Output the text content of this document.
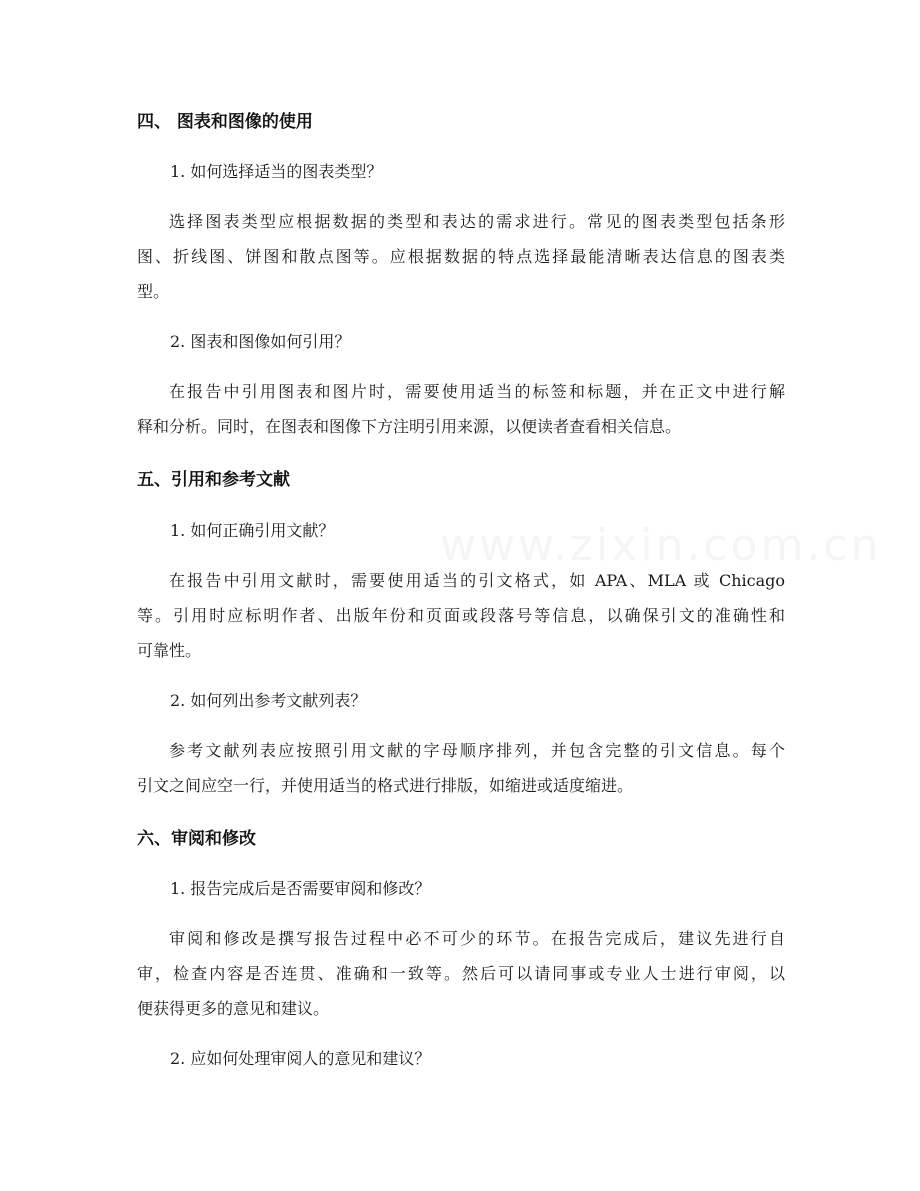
www.zixin.com.cn
四、 图表和图像的使用
1. 如何选择适当的图表类型？
选择图表类型应根据数据的类型和表达的需求进行。常见的图表类型包括条形
图、折线图、饼图和散点图等。应根据数据的特点选择最能清晰表达信息的图表类
型。
2. 图表和图像如何引用？
在报告中引用图表和图片时，需要使用适当的标签和标题，并在正文中进行解
释和分析。同时，在图表和图像下方注明引用来源，以便读者查看相关信息。
五、引用和参考文献
1. 如何正确引用文献？
在报告中引用文献时，需要使用适当的引文格式，如 APA、MLA 或 Chicago
等。引用时应标明作者、出版年份和页面或段落号等信息，以确保引文的准确性和
可靠性。
2. 如何列出参考文献列表？
参考文献列表应按照引用文献的字母顺序排列，并包含完整的引文信息。每个
引文之间应空一行，并使用适当的格式进行排版，如缩进或适度缩进。
六、审阅和修改
1. 报告完成后是否需要审阅和修改？
审阅和修改是撰写报告过程中必不可少的环节。在报告完成后，建议先进行自
审，检查内容是否连贯、准确和一致等。然后可以请同事或专业人士进行审阅，以
便获得更多的意见和建议。
2. 应如何处理审阅人的意见和建议？
